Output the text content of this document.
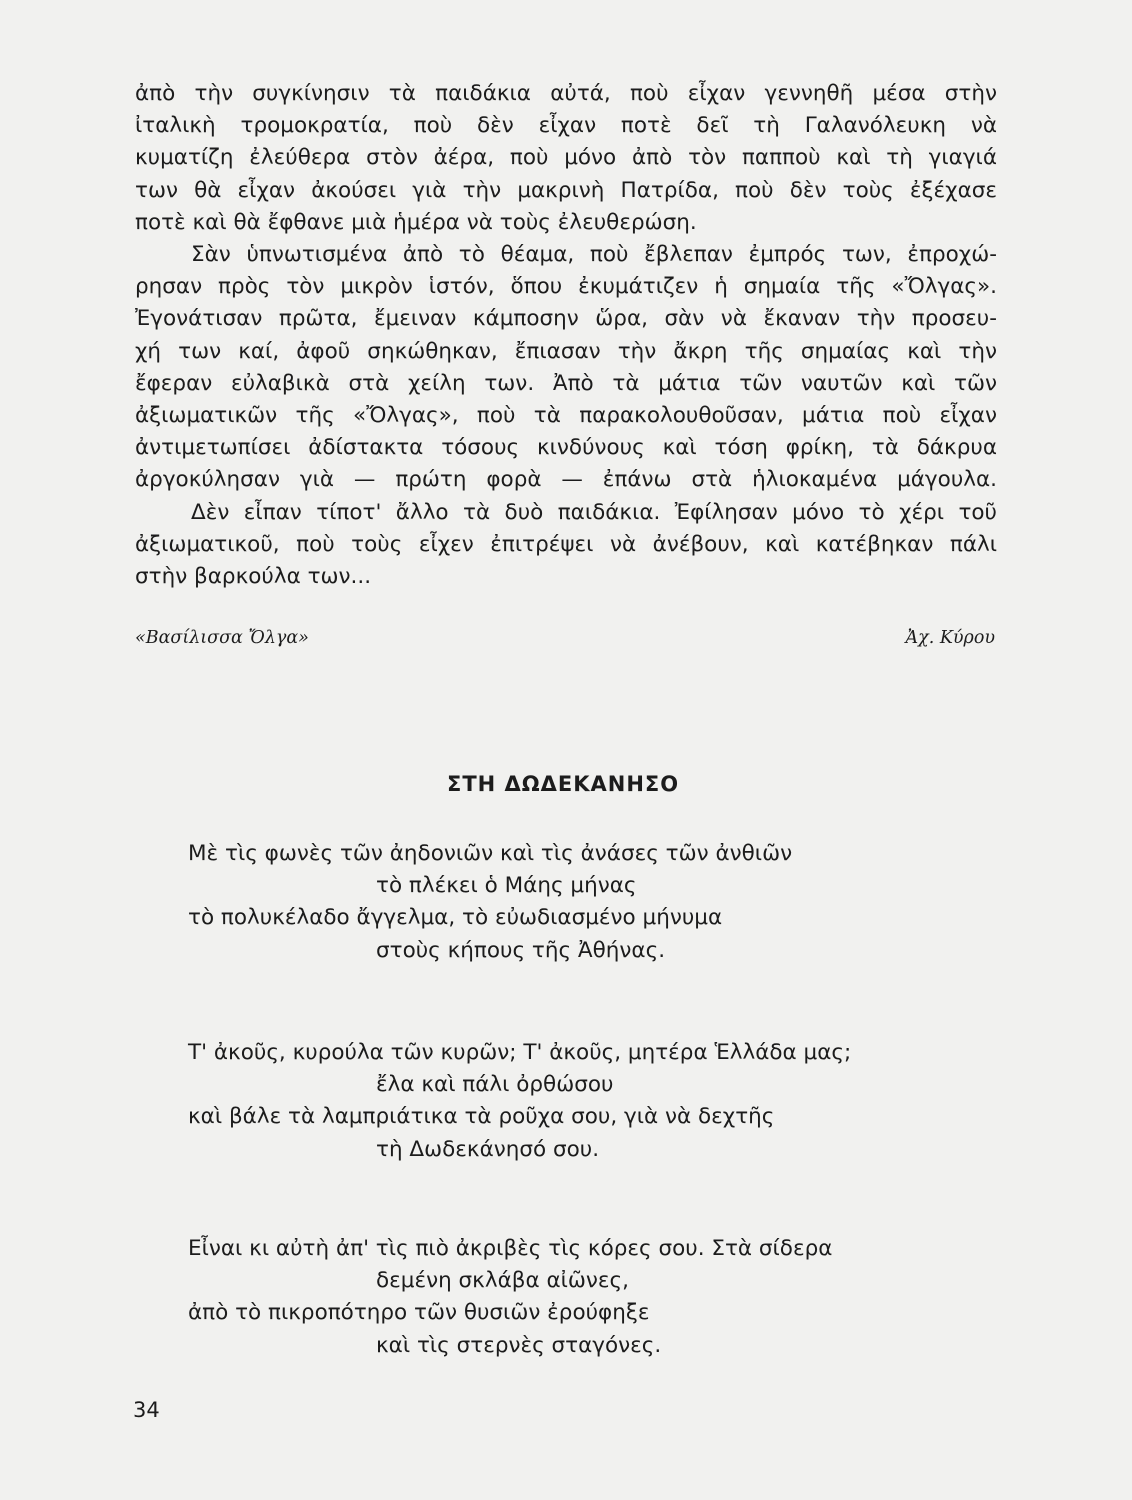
ἀπὸ τὴν συγκίνησιν τὰ παιδάκια αὐτά, ποὺ εἶχαν γεννηθῆ μέσα στὴν
ἰταλικὴ τρομοκρατία, ποὺ δὲν εἶχαν ποτὲ δεῖ τὴ Γαλανόλευκη νὰ
κυματίζη ἐλεύθερα στὸν ἀέρα, ποὺ μόνο ἀπὸ τὸν παπποὺ καὶ τὴ γιαγιά
των θὰ εἶχαν ἀκούσει γιὰ τὴν μακρινὴ Πατρίδα, ποὺ δὲν τοὺς ἐξέχασε
ποτὲ καὶ θὰ ἔφθανε μιὰ ἡμέρα νὰ τοὺς ἐλευθερώση.
Σὰν ὑπνωτισμένα ἀπὸ τὸ θέαμα, ποὺ ἔβλεπαν ἐμπρός των, ἐπροχώ-
ρησαν πρὸς τὸν μικρὸν ἱστόν, ὅπου ἐκυμάτιζεν ἡ σημαία τῆς «Ὄλγας».
Ἐγονάτισαν πρῶτα, ἔμειναν κάμποσην ὥρα, σὰν νὰ ἔκαναν τὴν προσευ-
χή των καί, ἀφοῦ σηκώθηκαν, ἔπιασαν τὴν ἄκρη τῆς σημαίας καὶ τὴν
ἔφεραν εὐλαβικὰ στὰ χείλη των. Ἀπὸ τὰ μάτια τῶν ναυτῶν καὶ τῶν
ἀξιωματικῶν τῆς «Ὄλγας», ποὺ τὰ παρακολουθοῦσαν, μάτια ποὺ εἶχαν
ἀντιμετωπίσει ἀδίστακτα τόσους κινδύνους καὶ τόση φρίκη, τὰ δάκρυα
ἀργοκύλησαν γιὰ — πρώτη φορὰ — ἐπάνω στὰ ἡλιοκαμένα μάγουλα.
Δὲν εἶπαν τίποτ' ἄλλο τὰ δυὸ παιδάκια. Ἐφίλησαν μόνο τὸ χέρι τοῦ
ἀξιωματικοῦ, ποὺ τοὺς εἶχεν ἐπιτρέψει νὰ ἀνέβουν, καὶ κατέβηκαν πάλι
στὴν βαρκούλα των...
«Βασίλισσα Ὄλγα»	Ἀχ. Κύρου
ΣΤΗ ΔΩΔΕΚΑΝΗΣΟ
Μὲ τὶς φωνὲς τῶν ἀηδονιῶν καὶ τὶς ἀνάσες τῶν ἀνθιῶν
τὸ πλέκει ὁ Μάης μήνας
τὸ πολυκέλαδο ἄγγελμα, τὸ εὐωδιασμένο μήνυμα
στοὺς κήπους τῆς Ἀθήνας.
Τ' ἀκοῦς, κυρούλα τῶν κυρῶν; Τ' ἀκοῦς, μητέρα Ἑλλάδα μας;
ἔλα καὶ πάλι ὀρθώσου
καὶ βάλε τὰ λαμπριάτικα τὰ ροῦχα σου, γιὰ νὰ δεχτῆς
τὴ Δωδεκάνησό σου.
Εἶναι κι αὐτὴ ἀπ' τὶς πιὸ ἀκριβὲς τὶς κόρες σου. Στὰ σίδερα
δεμένη σκλάβα αἰῶνες,
ἀπὸ τὸ πικροπότηρο τῶν θυσιῶν ἐρούφηξε
καὶ τὶς στερνὲς σταγόνες.
34
